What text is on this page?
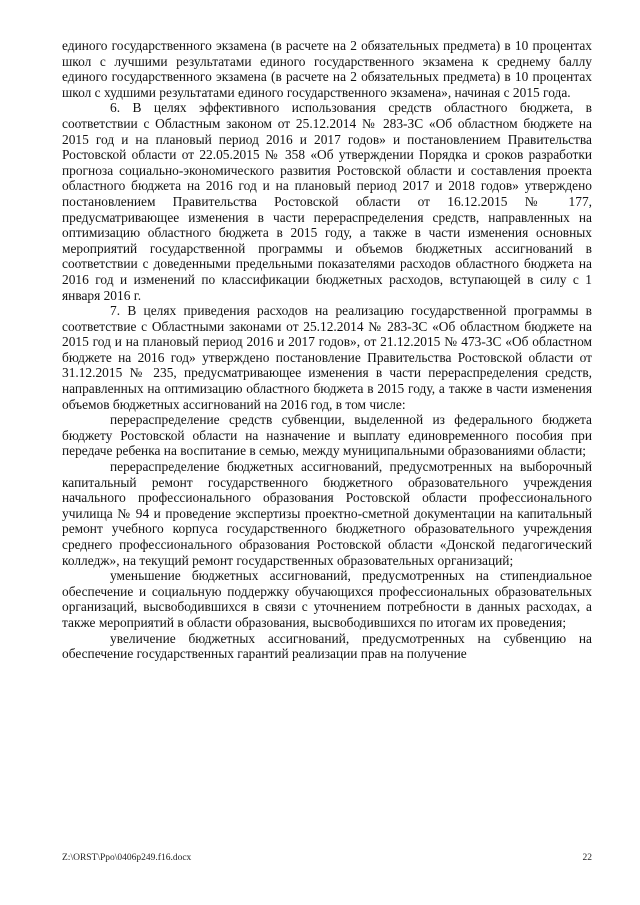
единого государственного экзамена (в расчете на 2 обязательных предмета) в 10 процентах школ с лучшими результатами единого государственного экзамена к среднему баллу единого государственного экзамена (в расчете на 2 обязательных предмета) в 10 процентах школ с худшими результатами единого государственного экзамена», начиная с 2015 года.

6. В целях эффективного использования средств областного бюджета, в соответствии с Областным законом от 25.12.2014 № 283-ЗС «Об областном бюджете на 2015 год и на плановый период 2016 и 2017 годов» и постановлением Правительства Ростовской области от 22.05.2015 № 358 «Об утверждении Порядка и сроков разработки прогноза социально-экономического развития Ростовской области и составления проекта областного бюджета на 2016 год и на плановый период 2017 и 2018 годов» утверждено постановлением Правительства Ростовской области от 16.12.2015 № 177, предусматривающее изменения в части перераспределения средств, направленных на оптимизацию областного бюджета в 2015 году, а также в части изменения основных мероприятий государственной программы и объемов бюджетных ассигнований в соответствии с доведенными предельными показателями расходов областного бюджета на 2016 год и изменений по классификации бюджетных расходов, вступающей в силу с 1 января 2016 г.

7. В целях приведения расходов на реализацию государственной программы в соответствие с Областными законами от 25.12.2014 № 283-ЗС «Об областном бюджете на 2015 год и на плановый период 2016 и 2017 годов», от 21.12.2015 № 473-ЗС «Об областном бюджете на 2016 год» утверждено постановление Правительства Ростовской области от 31.12.2015 № 235, предусматривающее изменения в части перераспределения средств, направленных на оптимизацию областного бюджета в 2015 году, а также в части изменения объемов бюджетных ассигнований на 2016 год, в том числе:

перераспределение средств субвенции, выделенной из федерального бюджета бюджету Ростовской области на назначение и выплату единовременного пособия при передаче ребенка на воспитание в семью, между муниципальными образованиями области;

перераспределение бюджетных ассигнований, предусмотренных на выборочный капитальный ремонт государственного бюджетного образовательного учреждения начального профессионального образования Ростовской области профессионального училища № 94 и проведение экспертизы проектно-сметной документации на капитальный ремонт учебного корпуса государственного бюджетного образовательного учреждения среднего профессионального образования Ростовской области «Донской педагогический колледж», на текущий ремонт государственных образовательных организаций;

уменьшение бюджетных ассигнований, предусмотренных на стипендиальное обеспечение и социальную поддержку обучающихся профессиональных образовательных организаций, высвободившихся в связи с уточнением потребности в данных расходах, а также мероприятий в области образования, высвободившихся по итогам их проведения;

увеличение бюджетных ассигнований, предусмотренных на субвенцию на обеспечение государственных гарантий реализации прав на получение

Z:\ORST\Ppo\0406p249.f16.docx	22
